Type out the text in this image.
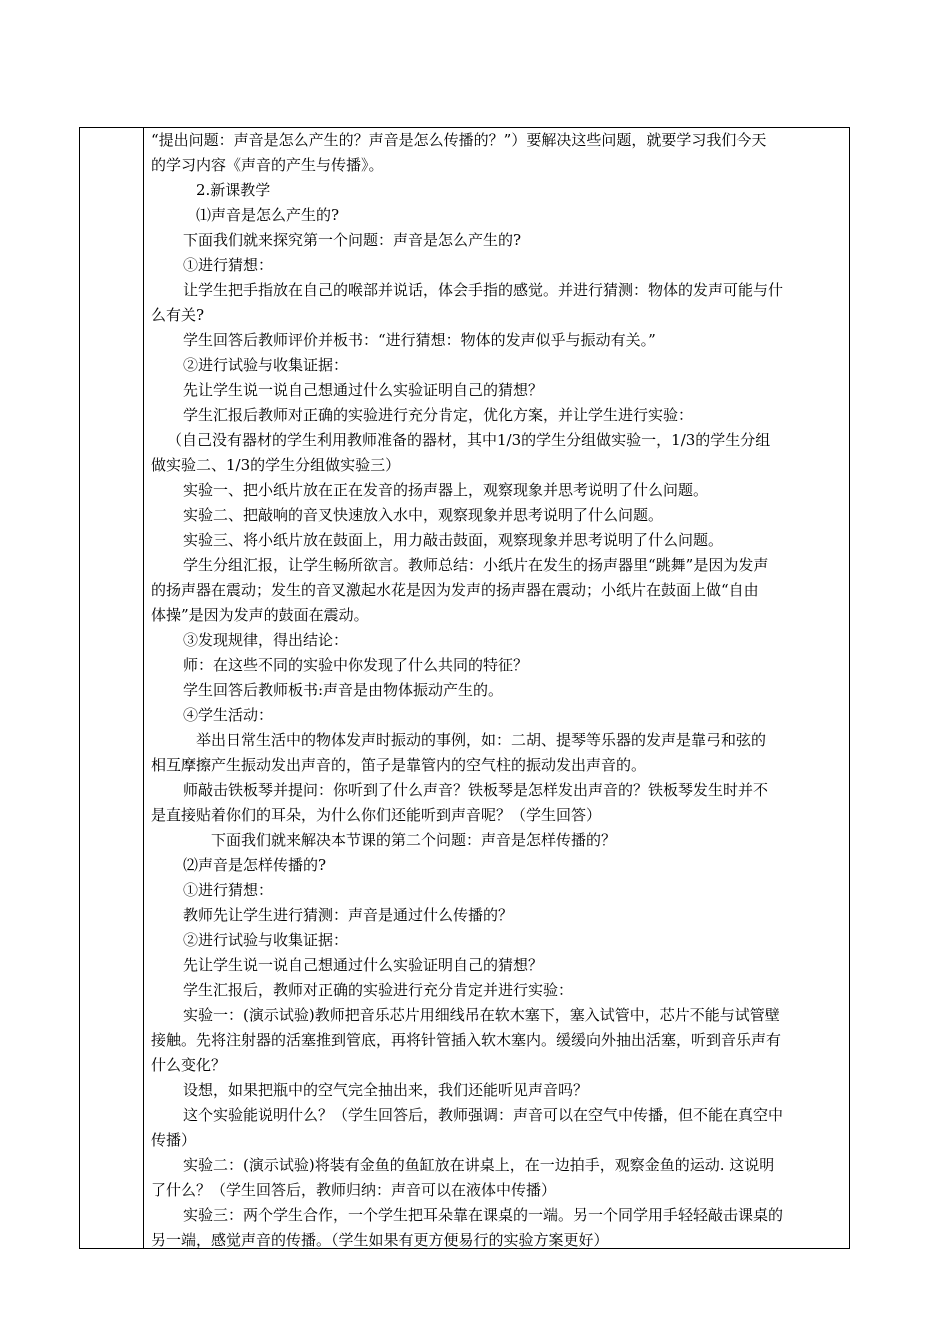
“提出问题：声音是怎么产生的？声音是怎么传播的？”）要解决这些问题，就要学习我们今天
的学习内容《声音的产生与传播》。
2.新课教学
⑴声音是怎么产生的?
下面我们就来探究第一个问题：声音是怎么产生的?
①进行猜想：
让学生把手指放在自己的喉部并说话，体会手指的感觉。并进行猜测：物体的发声可能与什
么有关?
学生回答后教师评价并板书：“进行猜想：物体的发声似乎与振动有关。”
②进行试验与收集证据：
先让学生说一说自己想通过什么实验证明自己的猜想？
学生汇报后教师对正确的实验进行充分肯定，优化方案，并让学生进行实验：
（自己没有器材的学生利用教师准备的器材，其中1/3的学生分组做实验一，1/3的学生分组
做实验二、1/3的学生分组做实验三）
实验一、把小纸片放在正在发音的扬声器上，观察现象并思考说明了什么问题。
实验二、把敲响的音叉快速放入水中，观察现象并思考说明了什么问题。
实验三、将小纸片放在鼓面上，用力敲击鼓面，观察现象并思考说明了什么问题。
学生分组汇报，让学生畅所欲言。教师总结：小纸片在发生的扬声器里“跳舞”是因为发声
的扬声器在震动；发生的音叉激起水花是因为发声的扬声器在震动；小纸片在鼓面上做“自由
体操”是因为发声的鼓面在震动。
③发现规律，得出结论：
师：在这些不同的实验中你发现了什么共同的特征？
学生回答后教师板书:声音是由物体振动产生的。
④学生活动：
举出日常生活中的物体发声时振动的事例，如：二胡、提琴等乐器的发声是靠弓和弦的
相互摩擦产生振动发出声音的，笛子是靠管内的空气柱的振动发出声音的。
师敲击铁板琴并提问：你听到了什么声音？铁板琴是怎样发出声音的？铁板琴发生时并不
是直接贴着你们的耳朵，为什么你们还能听到声音呢？（学生回答）
下面我们就来解决本节课的第二个问题：声音是怎样传播的？
⑵声音是怎样传播的?
①进行猜想：
教师先让学生进行猜测：声音是通过什么传播的？
②进行试验与收集证据：
先让学生说一说自己想通过什么实验证明自己的猜想？
学生汇报后，教师对正确的实验进行充分肯定并进行实验：
实验一：(演示试验)教师把音乐芯片用细线吊在软木塞下，塞入试管中，芯片不能与试管壁
接触。先将注射器的活塞推到管底，再将针管插入软木塞内。缓缓向外抽出活塞，听到音乐声有
什么变化？
设想，如果把瓶中的空气完全抽出来，我们还能听见声音吗？
这个实验能说明什么？（学生回答后，教师强调：声音可以在空气中传播，但不能在真空中
传播）
实验二：(演示试验)将装有金鱼的鱼缸放在讲桌上，在一边拍手，观察金鱼的运动. 这说明
了什么？（学生回答后，教师归纳：声音可以在液体中传播）
实验三：两个学生合作，一个学生把耳朵靠在课桌的一端。另一个同学用手轻轻敲击课桌的
另一端，感觉声音的传播。（学生如果有更方便易行的实验方案更好）
